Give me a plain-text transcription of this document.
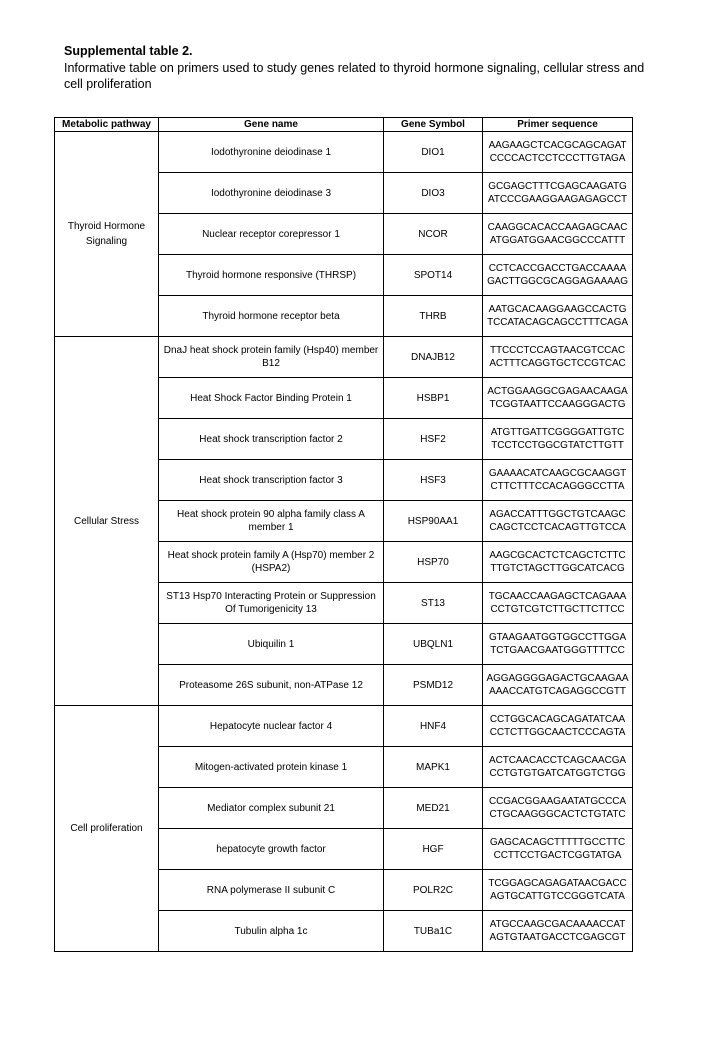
Supplemental table 2.
Informative table on primers used to study genes related to thyroid hormone signaling, cellular stress and cell proliferation
Metabolic pathway	Gene name	Gene Symbol	Primer sequence
Thyroid Hormone Signaling	Iodothyronine deiodinase 1	DIO1	AAGAAGCTCACGCAGCAGAT
CCCCACTCCTCCCTTGTAGA

	Iodothyronine deiodinase 3	DIO3	GCGAGCTTTCGAGCAAGATG
ATCCCGAAGGAAGAGAGCCT

	Nuclear receptor corepressor 1	NCOR	CAAGGCACACCAAGAGCAAC
ATGGATGGAACGGCCCATTT

	Thyroid hormone responsive (THRSP)	SPOT14	CCTCACCGACCTGACCAAAA
GACTTGGCGCAGGAGAAAAG

	Thyroid hormone receptor beta	THRB	AATGCACAAGGAAGCCACTG
TCCATACAGCAGCCTTTCAGA

Cellular Stress	DnaJ heat shock protein family (Hsp40) member B12	DNAJB12	TTCCCTCCAGTAACGTCCAC
ACTTTCAGGTGCTCCGTCAC

	Heat Shock Factor Binding Protein 1	HSBP1	ACTGGAAGGCGAGAACAAGA
TCGGTAATTCCAAGGGACTG

	Heat shock transcription factor 2	HSF2	ATGTTGATTCGGGGATTGTC
TCCTCCTGGCGTATCTTGTT

	Heat shock transcription factor 3	HSF3	GAAAACATCAAGCGCAAGGT
CTTCTTTCCACAGGGCCTTA

	Heat shock protein 90 alpha family class A member 1	HSP90AA1	AGACCATTTGGCTGTCAAGC
CAGCTCCTCACAGTTGTCCA

	Heat shock protein family A (Hsp70) member 2 (HSPA2)	HSP70	AAGCGCACTCTCAGCTCTTC
TTGTCTAGCTTGGCATCACG

	ST13 Hsp70 Interacting Protein or Suppression Of Tumorigenicity 13	ST13	TGCAACCAAGAGCTCAGAAA
CCTGTCGTCTTGCTTCTTCC

	Ubiquilin 1	UBQLN1	GTAAGAATGGTGGCCTTGGA
TCTGAACGAATGGGTTTTCC

	Proteasome 26S subunit, non-ATPase 12	PSMD12	AGGAGGGGAGACTGCAAGAA
AAACCATGTCAGAGGCCGTT

Cell proliferation	Hepatocyte nuclear factor 4	HNF4	CCTGGCACAGCAGATATCAA
CCTCTTGGCAACTCCCAGTA

	Mitogen-activated protein kinase 1	MAPK1	ACTCAACACCTCAGCAACGA
CCTGTGTGATCATGGTCTGG

	Mediator complex subunit 21	MED21	CCGACGGAAGAATATGCCCA
CTGCAAGGGCACTCTGTATC

	hepatocyte growth factor	HGF	GAGCACAGCTTTTTGCCTTC
CCTTCCTGACTCGGTATGA

	RNA polymerase II subunit C	POLR2C	TCGGAGCAGAGATAACGACC
AGTGCATTGTCCGGGTCATA

	Tubulin alpha 1c	TUBa1C	ATGCCAAGCGACAAAACCAT
AGTGTAATGACCTCGAGCGT
